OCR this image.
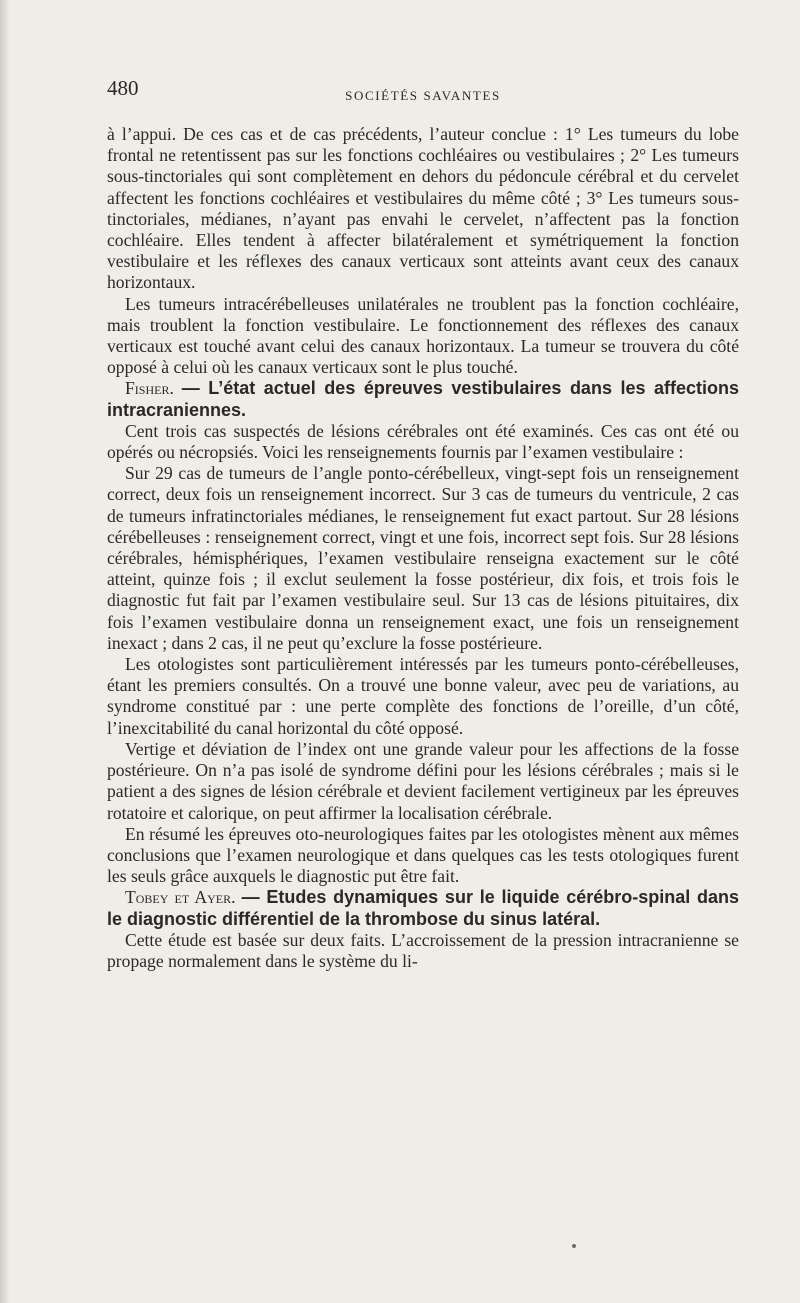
480	SOCIÉTÉS SAVANTES

à l’appui. De ces cas et de cas précédents, l’auteur conclue : 1° Les tumeurs du lobe frontal ne retentissent pas sur les fonctions cochléaires ou vestibulaires ; 2° Les tumeurs sous-tinctoriales qui sont complètement en dehors du pédoncule cérébral et du cervelet affectent les fonctions cochléaires et vestibulaires du même côté ; 3° Les tumeurs sous-tinctoriales, médianes, n’ayant pas envahi le cervelet, n’affectent pas la fonction cochléaire. Elles tendent à affecter bilatéralement et symétriquement la fonction vestibulaire et les réflexes des canaux verticaux sont atteints avant ceux des canaux horizontaux.

Les tumeurs intracérébelleuses unilatérales ne troublent pas la fonction cochléaire, mais troublent la fonction vestibulaire. Le fonctionnement des réflexes des canaux verticaux est touché avant celui des canaux horizontaux. La tumeur se trouvera du côté opposé à celui où les canaux verticaux sont le plus touché.

Fisher. — L’état actuel des épreuves vestibulaires dans les affections intracraniennes.

Cent trois cas suspectés de lésions cérébrales ont été examinés. Ces cas ont été ou opérés ou nécropsiés. Voici les renseignements fournis par l’examen vestibulaire :

Sur 29 cas de tumeurs de l’angle ponto-cérébelleux, vingt-sept fois un renseignement correct, deux fois un renseignement incorrect. Sur 3 cas de tumeurs du ventricule, 2 cas de tumeurs infratinctoriales médianes, le renseignement fut exact partout. Sur 28 lésions cérébelleuses : renseignement correct, vingt et une fois, incorrect sept fois. Sur 28 lésions cérébrales, hémisphériques, l’examen vestibulaire renseigna exactement sur le côté atteint, quinze fois ; il exclut seulement la fosse postérieur, dix fois, et trois fois le diagnostic fut fait par l’examen vestibulaire seul. Sur 13 cas de lésions pituitaires, dix fois l’examen vestibulaire donna un renseignement exact, une fois un renseignement inexact ; dans 2 cas, il ne peut qu’exclure la fosse postérieure.

Les otologistes sont particulièrement intéressés par les tumeurs ponto-cérébelleuses, étant les premiers consultés. On a trouvé une bonne valeur, avec peu de variations, au syndrome constitué par : une perte complète des fonctions de l’oreille, d’un côté, l’inexcitabilité du canal horizontal du côté opposé.

Vertige et déviation de l’index ont une grande valeur pour les affections de la fosse postérieure. On n’a pas isolé de syndrome défini pour les lésions cérébrales ; mais si le patient a des signes de lésion cérébrale et devient facilement vertigineux par les épreuves rotatoire et calorique, on peut affirmer la localisation cérébrale.

En résumé les épreuves oto-neurologiques faites par les otologistes mènent aux mêmes conclusions que l’examen neurologique et dans quelques cas les tests otologiques furent les seuls grâce auxquels le diagnostic put être fait.

Tobey et Ayer. — Etudes dynamiques sur le liquide cérébro-spinal dans le diagnostic différentiel de la thrombose du sinus latéral.

Cette étude est basée sur deux faits. L’accroissement de la pression intracranienne se propage normalement dans le système du li-
